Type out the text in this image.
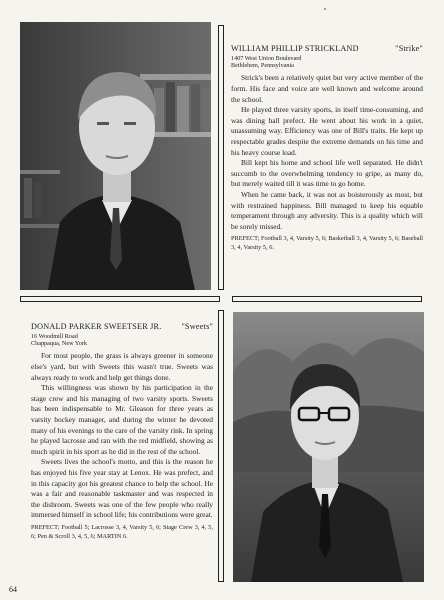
WILLIAM PHILLIP STRICKLAND	"Strike"
1407 West Union Boulevard
Bethlehem, Pennsylvania

Strick's been a relatively quiet but very active member of the form. His face and voice are well known and welcome around the school.

He played three varsity sports, in itself time-consuming, and was dining hall prefect. He went about his work in a quiet, unassuming way. Efficiency was one of Bill's traits. He kept up respectable grades despite the extreme demands on his time and his heavy course load.

Bill kept his home and school life well separated. He didn't succumb to the overwhelming tendency to gripe, as many do, but merely waited till it was time to go home.

When he came back, it was not as boisterously as most, but with restrained happiness. Bill managed to keep his equable temperament through any adversity. This is a quality which will be sorely missed.

PREFECT; Football 3, 4, Varsity 5, 6; Basketball 3, 4, Varsity 5, 6; Baseball 3, 4, Varsity 5, 6.

DONALD PARKER SWEETSER JR. "Sweets"
16 Woodmill Road
Chappaqua, New York

For most people, the grass is always greener in someone else's yard, but with Sweets this wasn't true. Sweets was always ready to work and help get things done.

This willingness was shown by his participation in the stage crew and his managing of two varsity sports. Sweets has been indispensable to Mr. Gleason for three years as varsity hockey manager, and during the winter he devoted many of his evenings to the care of the varsity rink. In spring he played lacrosse and ran with the red midfield, showing as much spirit in his sport as he did in the rest of the school.

Sweets lives the school's motto, and this is the reason he has enjoyed his five year stay at Lenox. He was prefect, and in this capacity got his greatest chance to help the school. He was a fair and reasonable taskmaster and was respected in the dishroom. Sweets was one of the few people who really immersed himself in school life; his contributions were great.

PREFECT; Football 5; Lacrosse 3, 4, Varsity 5, 6; Stage Crew 3, 4, 5, 6; Pen & Scroll 3, 4, 5, 6; MARTIN 6.

64
